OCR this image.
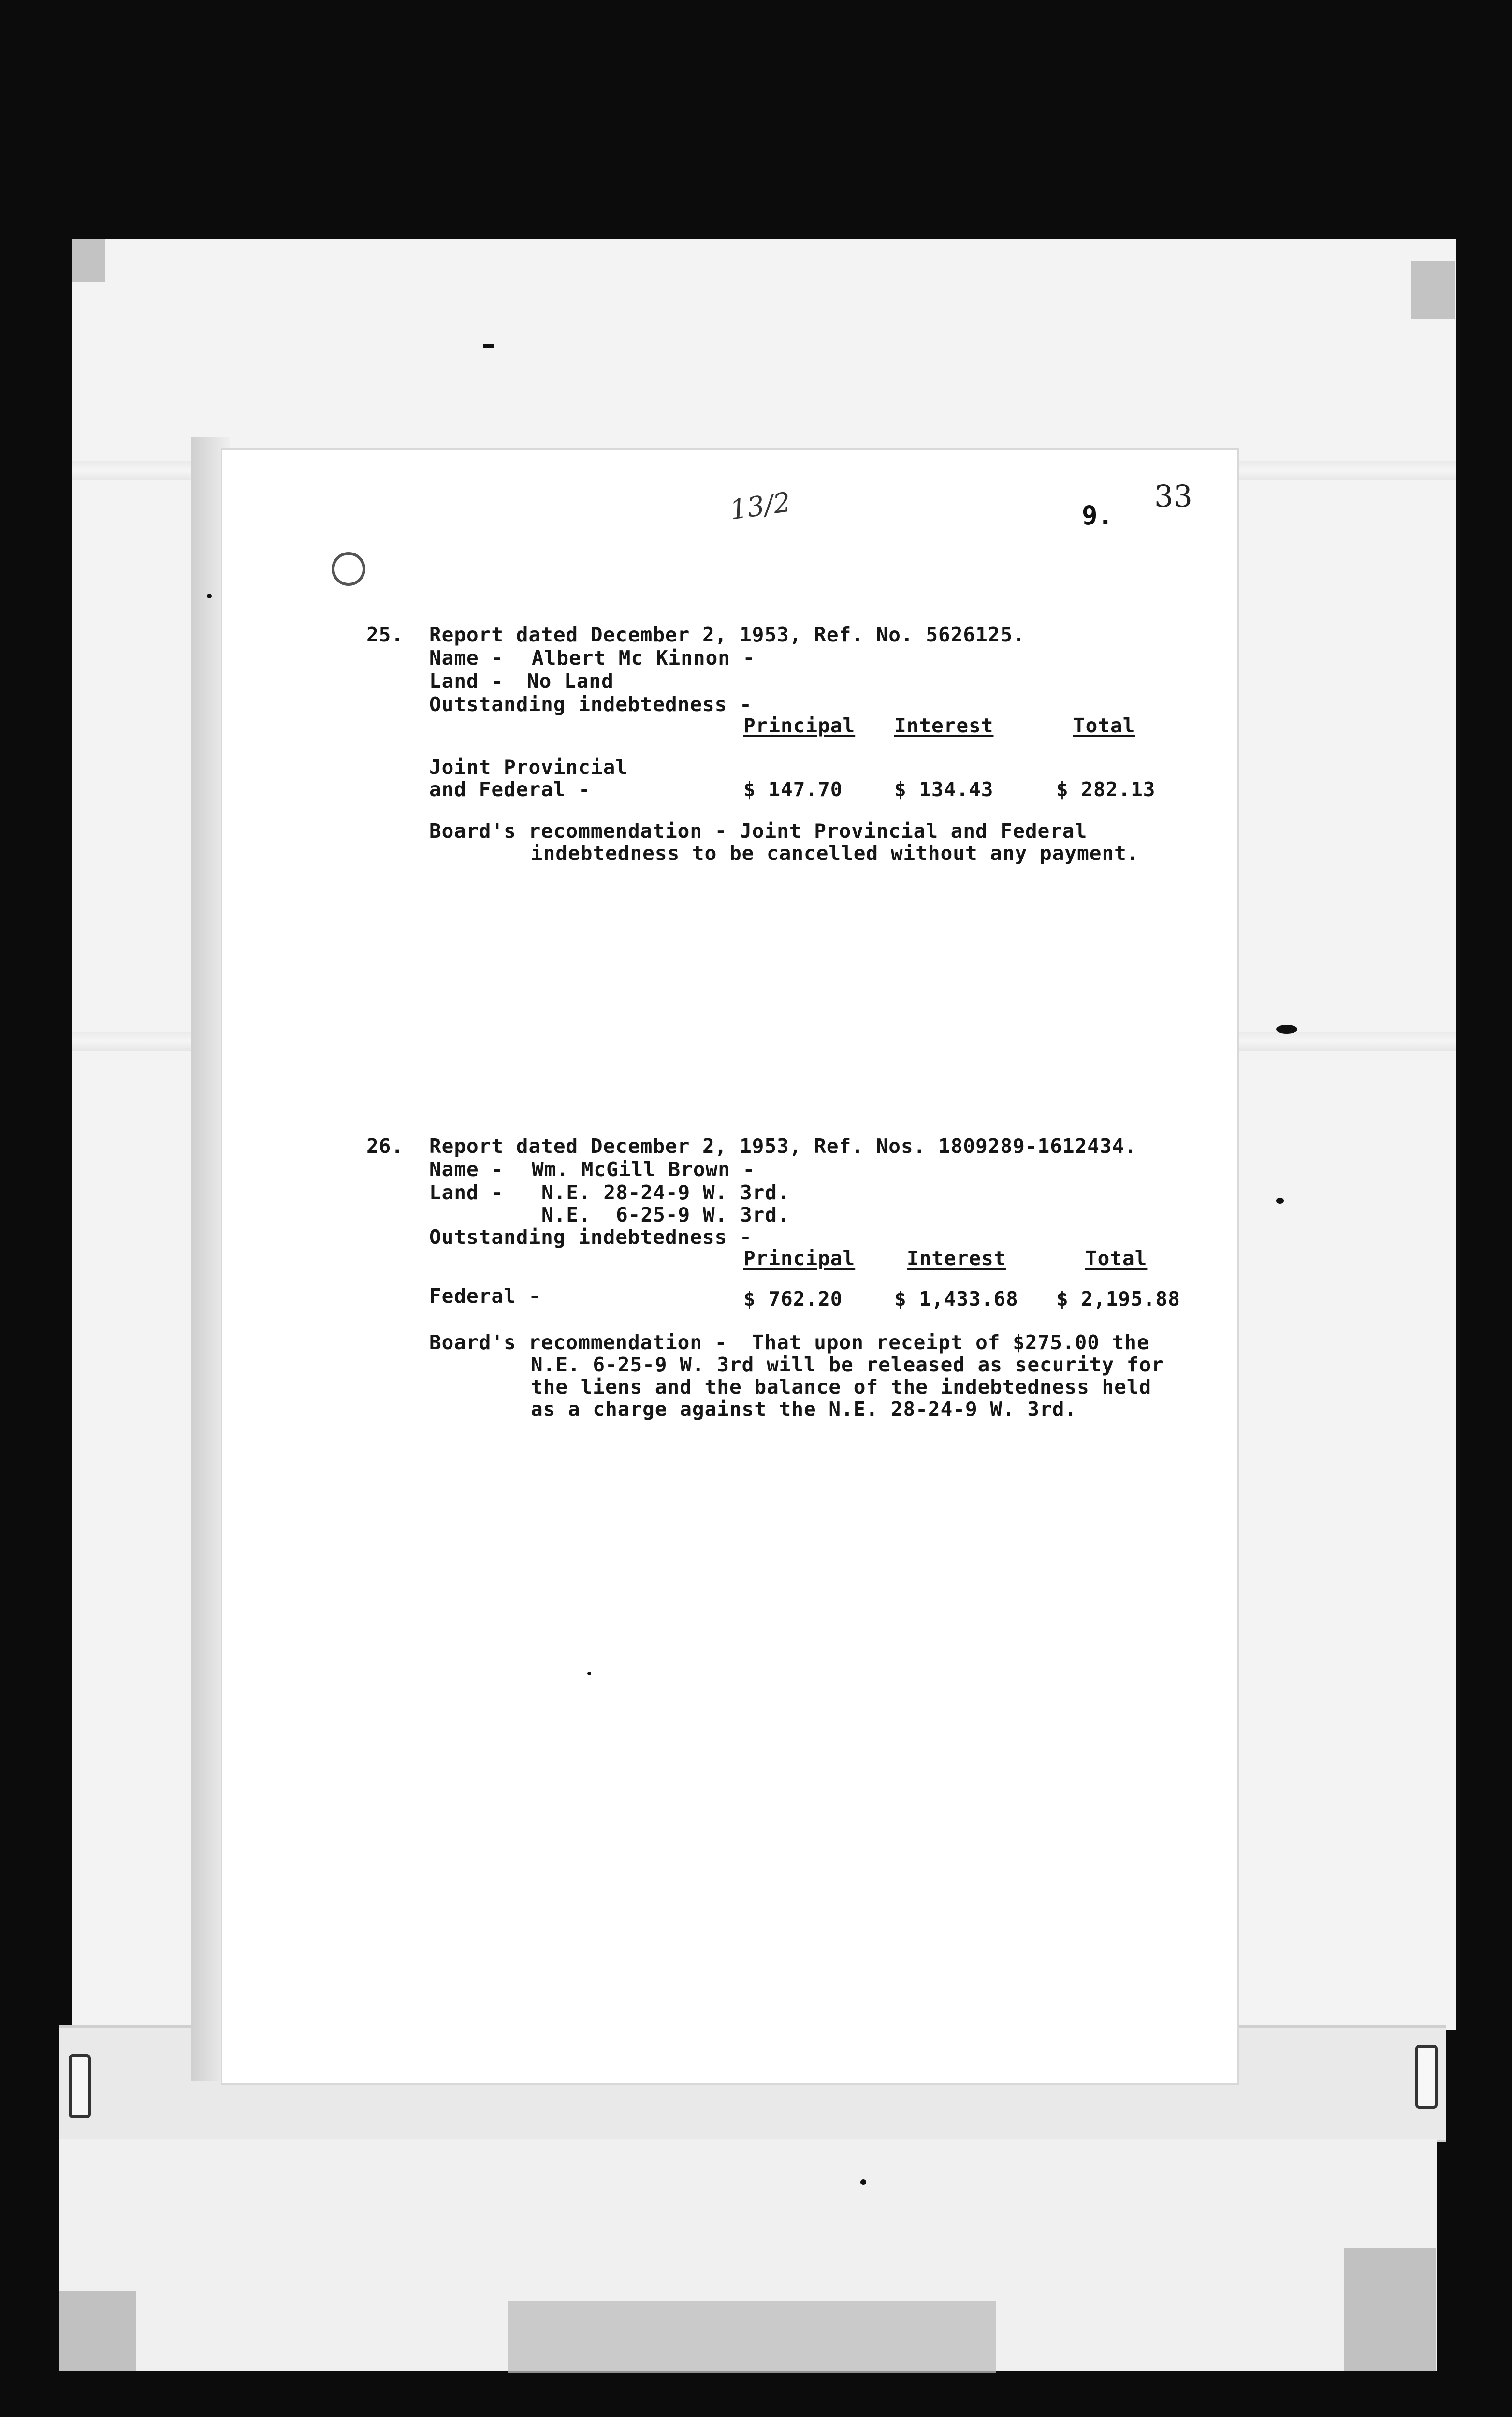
13/2	9.
33
25. Report dated December 2, 1953, Ref. No. 5626125.
Name - Albert Mc Kinnon -
Land - No Land
Outstanding indebtedness -
Principal Interest	Total
Joint Provincial
and Federal -	$ 147.70	$ 134.43	$ 282.13
Board's recommendation - Joint Provincial and Federal
indebtedness to be cancelled without any payment.
26. Report dated December 2, 1953, Ref. Nos. 1809289-1612434.
Name - Wm. McGill Brown -
Land - N.E. 28-24-9 W. 3rd.
N.E.  6-25-9 W. 3rd.
Outstanding indebtedness -
Principal	Interest	Total
Federal -	$ 762.20	$ 1,433.68 $ 2,195.88
Board's recommendation -  That upon receipt of $275.00 the
N.E. 6-25-9 W. 3rd will be released as security for
the liens and the balance of the indebtedness held
as a charge against the N.E. 28-24-9 W. 3rd.
